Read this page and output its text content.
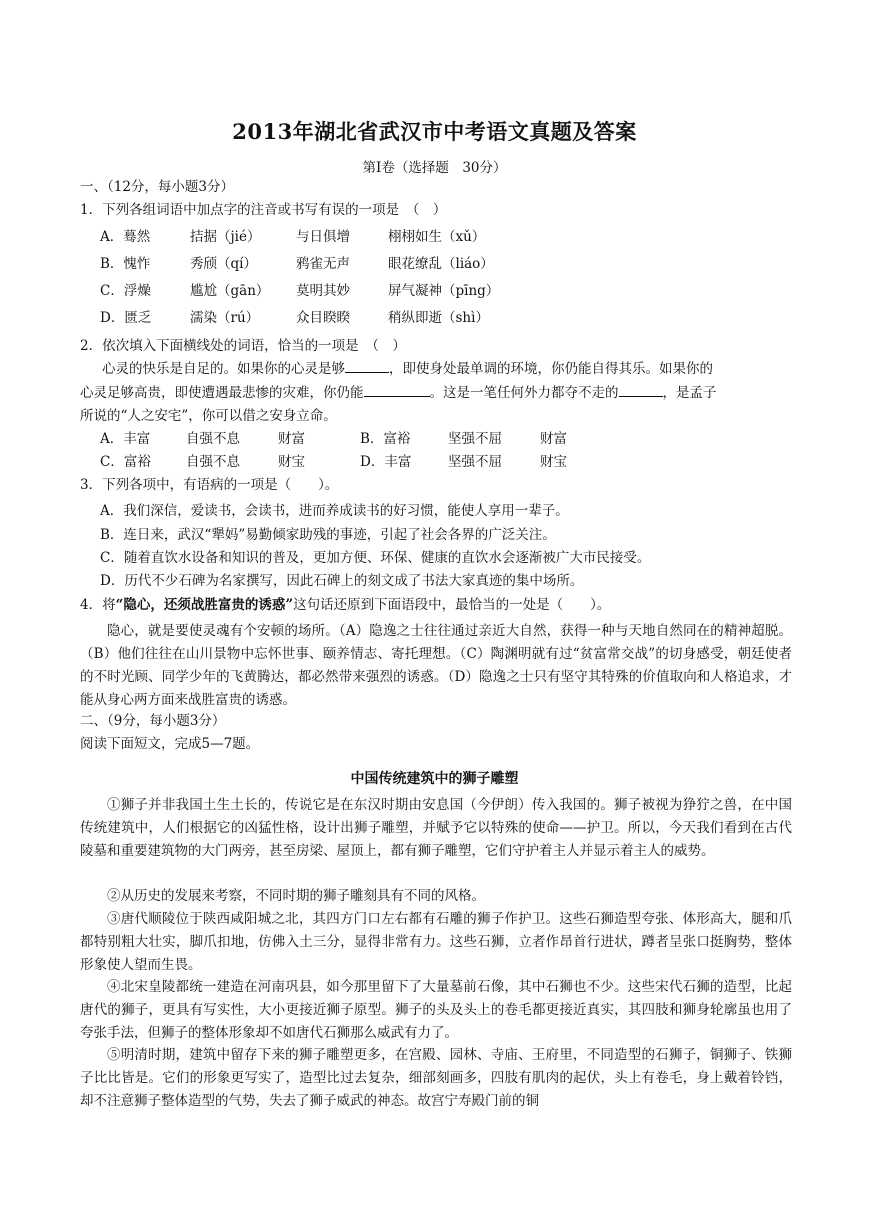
2013年湖北省武汉市中考语文真题及答案
第Ⅰ卷（选择题　30分）
一、（12分，每小题3分）
1．下列各组词语中加点字的注音或书写有误的一项是　（　）
A．蓦然	拮据（jié）	与日俱增	栩栩如生（xǔ）
B．愧怍	秀颀（qí）	鸦雀无声	眼花缭乱（liáo）
C．浮燥	尴尬（gān） 莫明其妙	屏气凝神（pīng）
D．匮乏	濡染（rú）	众目睽睽	稍纵即逝（shì）
2．依次填入下面横线处的词语，恰当的一项是　（　）
心灵的快乐是自足的。如果你的心灵是够	，即使身处最单调的环境，你仍能自得其乐。如果你的
心灵足够高贵，即使遭遇最悲惨的灾难，你仍能	。这是一笔任何外力都夺不走的	，是孟子
所说的“人之安宅”，你可以借之安身立命。
A．丰富	自强不息	财富	B．富裕	坚强不屈	财富
C．富裕	自强不息	财宝	D．丰富	坚强不屈	财宝
3．下列各项中，有语病的一项是（　　）。
A．我们深信，爱读书，会读书，进而养成读书的好习惯，能使人享用一辈子。
B．连日来，武汉“犟妈”易勤倾家助残的事迹，引起了社会各界的广泛关注。
C．随着直饮水设备和知识的普及，更加方便、环保、健康的直饮水会逐渐被广大市民接受。
D．历代不少石碑为名家撰写，因此石碑上的刻文成了书法大家真迹的集中场所。
4．将“隐心，还须战胜富贵的诱惑”这句话还原到下面语段中，最恰当的一处是（　　）。
隐心，就是要使灵魂有个安顿的场所。（A）隐逸之士往往通过亲近大自然，获得一种与天地自然同在的精神超脱。（B）他们往往在山川景物中忘怀世事、颐养情志、寄托理想。（C）陶渊明就有过“贫富常交战”的切身感受，朝廷使者的不时光顾、同学少年的飞黄腾达，都必然带来强烈的诱惑。（D）隐逸之士只有坚守其特殊的价值取向和人格追求，才能从身心两方面来战胜富贵的诱惑。
二、（9分，每小题3分）
阅读下面短文，完成5—7题。
中国传统建筑中的狮子雕塑
①狮子并非我国土生土长的，传说它是在东汉时期由安息国（今伊朗）传入我国的。狮子被视为狰狞之兽，在中国传统建筑中，人们根据它的凶猛性格，设计出狮子雕塑，并赋予它以特殊的使命——护卫。所以，今天我们看到在古代陵墓和重要建筑物的大门两旁，甚至房梁、屋顶上，都有狮子雕塑，它们守护着主人并显示着主人的威势。
②从历史的发展来考察，不同时期的狮子雕刻具有不同的风格。
③唐代顺陵位于陕西咸阳城之北，其四方门口左右都有石雕的狮子作护卫。这些石狮造型夸张、体形高大，腿和爪都特别粗大壮实，脚爪扣地，仿佛入土三分，显得非常有力。这些石狮，立者作昂首行进状，蹲者呈张口挺胸势，整体形象使人望而生畏。
④北宋皇陵都统一建造在河南巩县，如今那里留下了大量墓前石像，其中石狮也不少。这些宋代石狮的造型，比起唐代的狮子，更具有写实性，大小更接近狮子原型。狮子的头及头上的卷毛都更接近真实，其四肢和狮身轮廓虽也用了夸张手法，但狮子的整体形象却不如唐代石狮那么威武有力了。
⑤明清时期，建筑中留存下来的狮子雕塑更多，在宫殿、园林、寺庙、王府里，不同造型的石狮子，铜狮子、铁狮子比比皆是。它们的形象更写实了，造型比过去复杂，细部刻画多，四肢有肌肉的起伏，头上有卷毛，身上戴着铃铛，却不注意狮子整体造型的气势，失去了狮子威武的神态。故宫宁寿殿门前的铜
